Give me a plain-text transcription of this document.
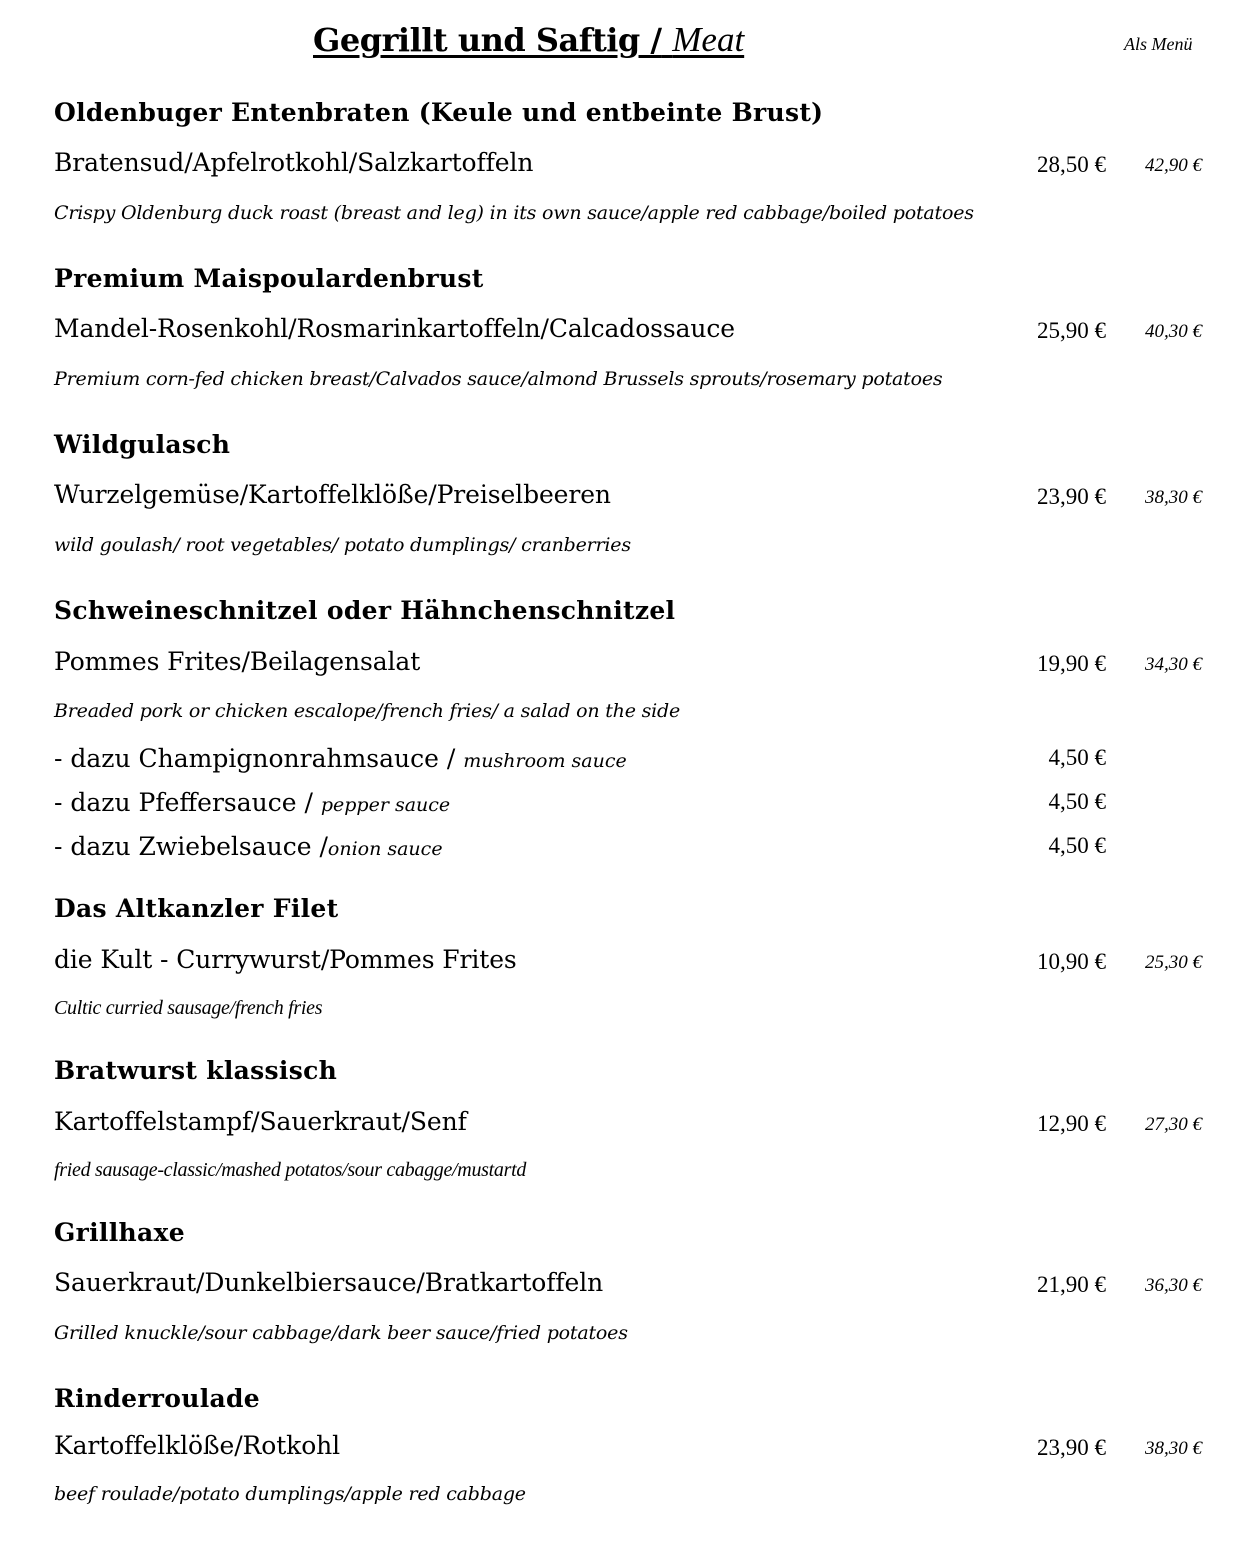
Gegrillt und Saftig / Meat	Als Menü
Oldenbuger Entenbraten (Keule und entbeinte Brust)
Bratensud/Apfelrotkohl/Salzkartoffeln	28,50 € 42,90 €
Crispy Oldenburg duck roast (breast and leg) in its own sauce/apple red cabbage/boiled potatoes
Premium Maispoulardenbrust
Mandel-Rosenkohl/Rosmarinkartoffeln/Calcadossauce	25,90 € 40,30 €
Premium corn-fed chicken breast/Calvados sauce/almond Brussels sprouts/rosemary potatoes
Wildgulasch
Wurzelgemüse/Kartoffelklöße/Preiselbeeren	23,90 € 38,30 €
wild goulash/ root vegetables/ potato dumplings/ cranberries
Schweineschnitzel oder Hähnchenschnitzel
Pommes Frites/Beilagensalat	19,90 € 34,30 €
Breaded pork or chicken escalope/french fries/ a salad on the side
- dazu Champignonrahmsauce / mushroom sauce	4,50 €
- dazu Pfeffersauce / pepper sauce	4,50 €
- dazu Zwiebelsauce /onion sauce	4,50 €
Das Altkanzler Filet
die Kult - Currywurst/Pommes Frites	10,90 € 25,30 €
Cultic curried sausage/french fries
Bratwurst klassisch
Kartoffelstampf/Sauerkraut/Senf	12,90 € 27,30 €
fried sausage-classic/mashed potatos/sour cabagge/mustartd
Grillhaxe
Sauerkraut/Dunkelbiersauce/Bratkartoffeln	21,90 € 36,30 €
Grilled knuckle/sour cabbage/dark beer sauce/fried potatoes
Rinderroulade
Kartoffelklöße/Rotkohl	23,90 € 38,30 €
beef roulade/potato dumplings/apple red cabbage
